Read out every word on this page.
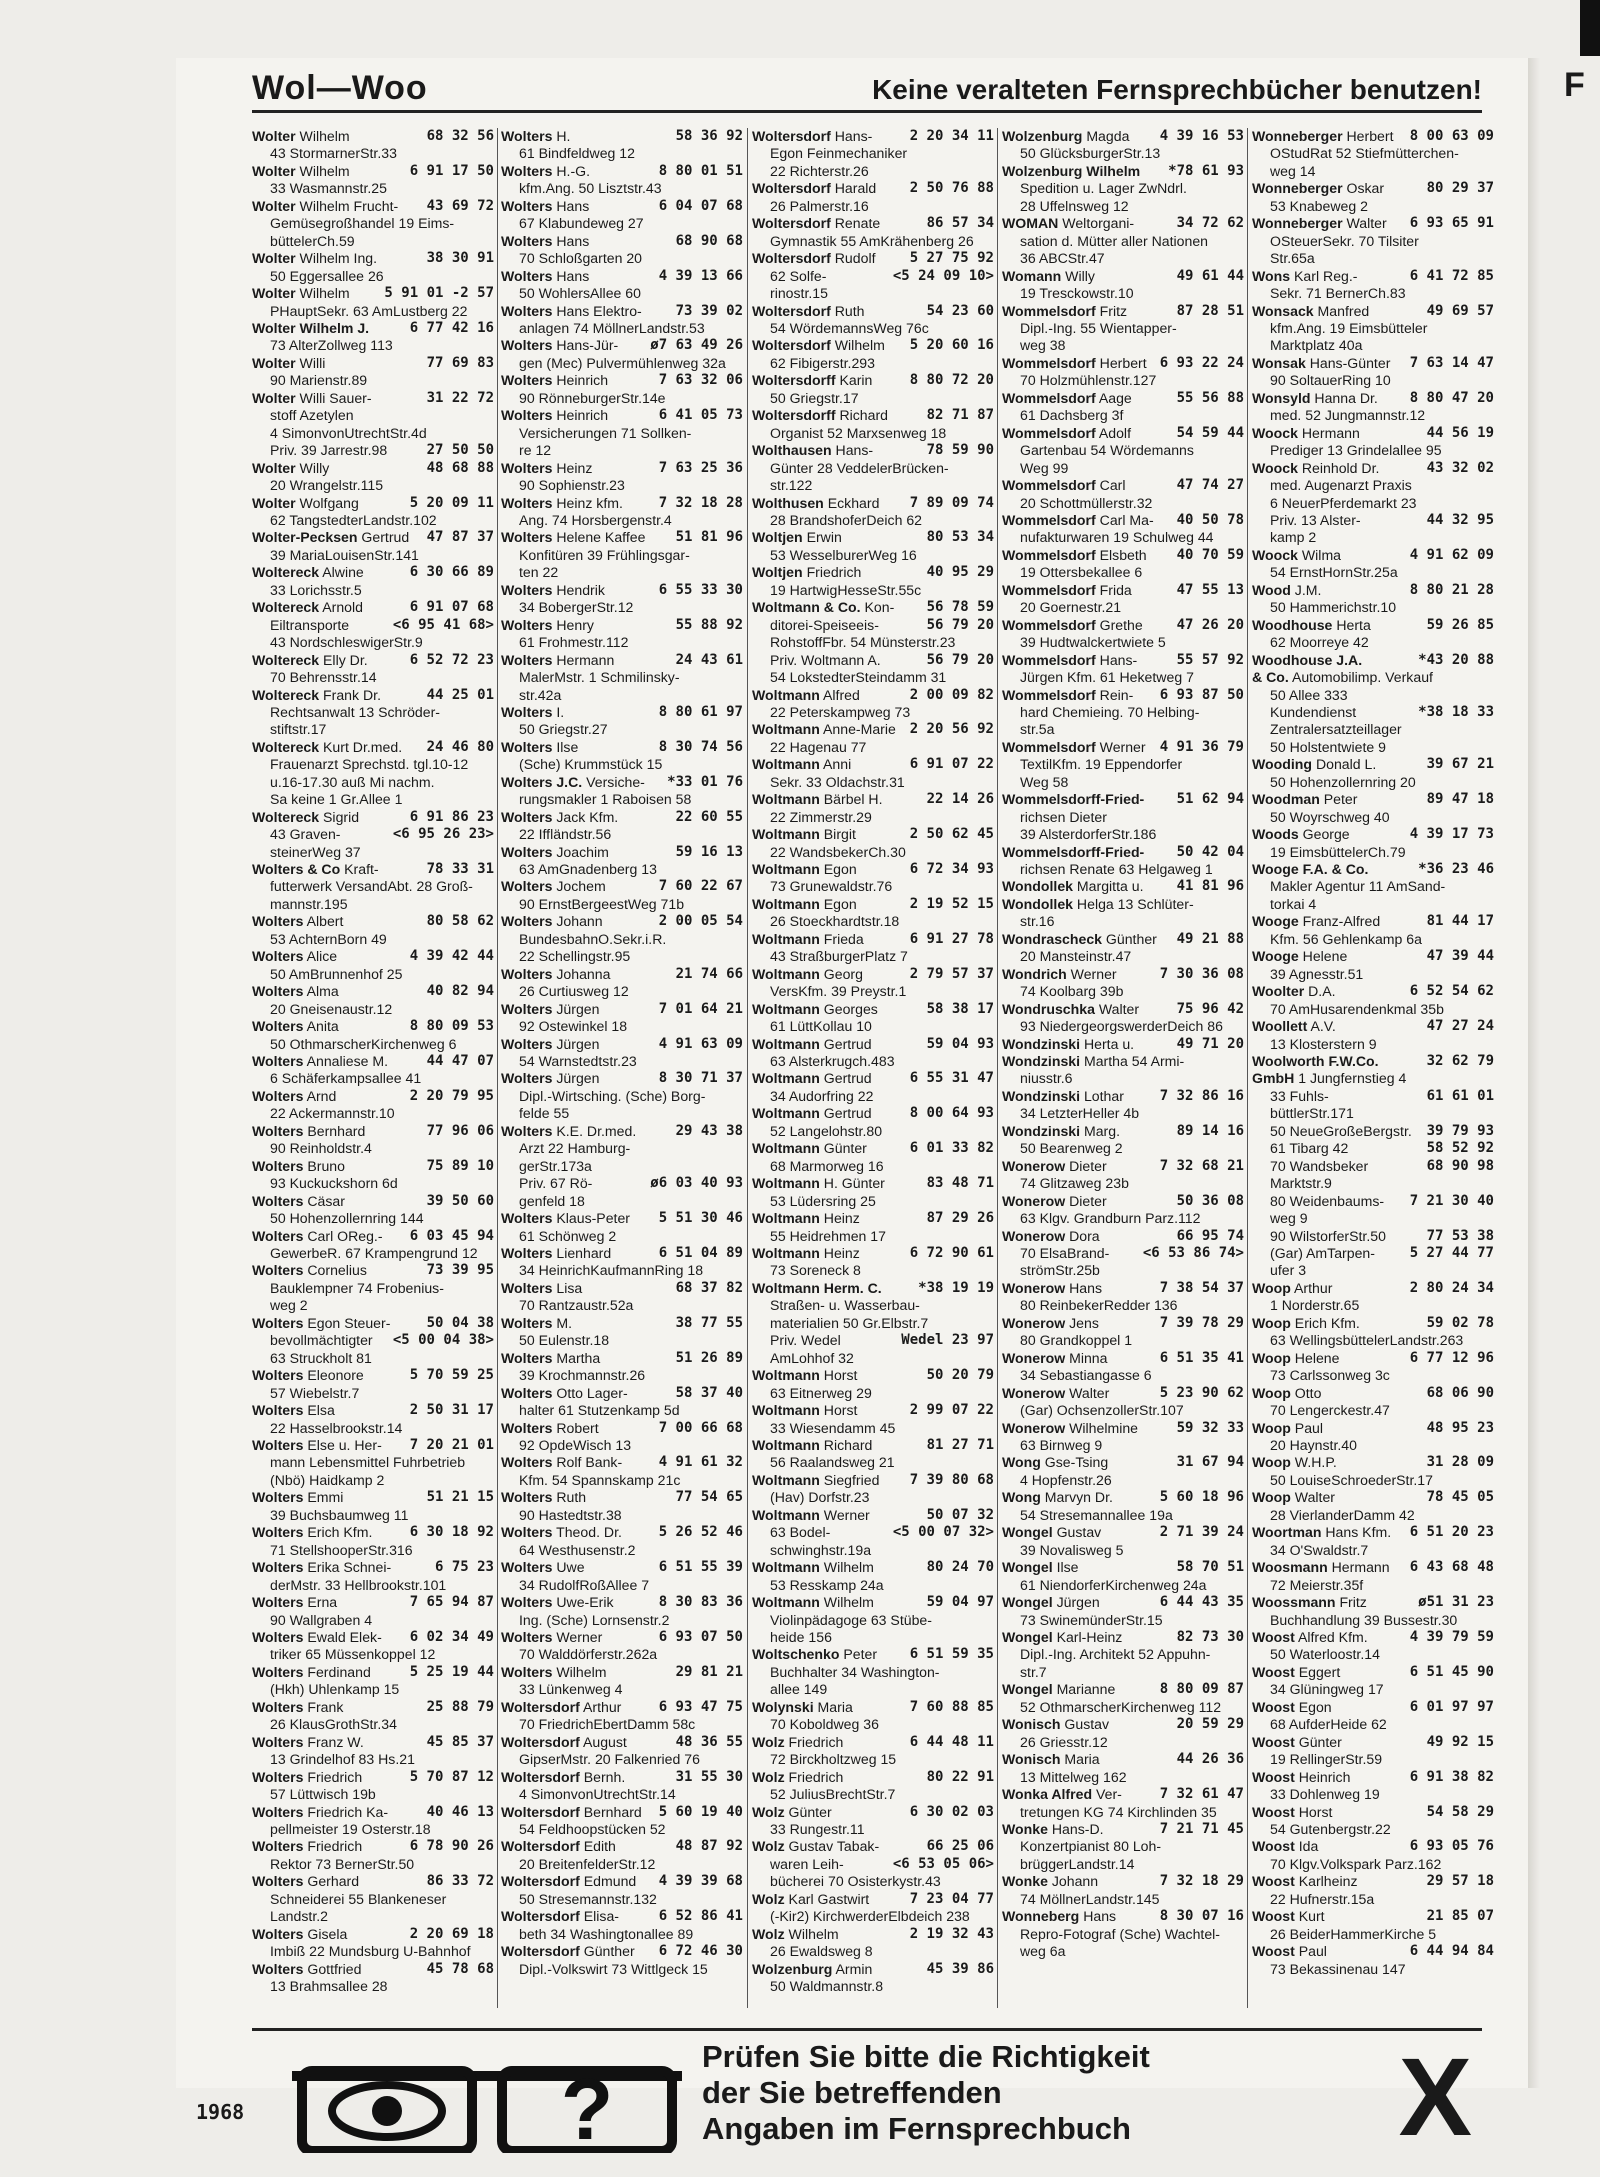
Wol—Woo	Keine veralteten Fernsprechbücher benutzen!
Wolter Wilhelm	68 32 56
43 StormarnerStr.33
Wolter Wilhelm	6 91 17 50
33 Wasmannstr.25
Wolter Wilhelm Frucht- 43 69 72
Gemüsegroßhandel 19 Eims-
büttelerCh.59
Wolter Wilhelm Ing.	38 30 91
50 Eggersallee 26
Wolter Wilhelm 5 91 01 -2 57
PHauptSekr. 63 AmLustberg 22
Wolter Wilhelm J.	6 77 42 16
73 AlterZollweg 113
Wolter Willi	77 69 83
90 Marienstr.89
Wolter Willi Sauer-	31 22 72
stoff Azetylen
4 SimonvonUtrechtStr.4d
Priv. 39 Jarrestr.98	27 50 50
Wolter Willy	48 68 88
20 Wrangelstr.115
Wolter Wolfgang	5 20 09 11
62 TangstedterLandstr.102
Wolter-Pecksen Gertrud 47 87 37
39 MariaLouisenStr.141
Woltereck Alwine	6 30 66 89
33 Lorichsstr.5
Woltereck Arnold	6 91 07 68
Eiltransporte	<6 95 41 68>
43 NordschleswigerStr.9
Woltereck Elly Dr.	6 52 72 23
70 Behrensstr.14
Woltereck Frank Dr.	44 25 01
Rechtsanwalt 13 Schröder-
stiftstr.17
Woltereck Kurt Dr.med. 24 46 80
Frauenarzt Sprechstd. tgl.10-12
u.16-17.30 auß Mi nachm.
Sa keine 1 Gr.Allee 1
Woltereck Sigrid	6 91 86 23
43 Graven-	<6 95 26 23>
steinerWeg 37
Wolters & Co Kraft-	78 33 31
futterwerk VersandAbt. 28 Groß-
mannstr.195
Wolters Albert	80 58 62
53 AchternBorn 49
Wolters Alice	4 39 42 44
50 AmBrunnenhof 25
Wolters Alma	40 82 94
20 Gneisenaustr.12
Wolters Anita	8 80 09 53
50 OthmarscherKirchenweg 6
Wolters Annaliese M.	44 47 07
6 Schäferkampsallee 41
Wolters Arnd	2 20 79 95
22 Ackermannstr.10
Wolters Bernhard	77 96 06
90 Reinholdstr.4
Wolters Bruno	75 89 10
93 Kuckuckshorn 6d
Wolters Cäsar	39 50 60
50 Hohenzollernring 144
Wolters Carl OReg.- 6 03 45 94
GewerbeR. 67 Krampengrund 12
Wolters Cornelius	73 39 95
Bauklempner 74 Frobenius-
weg 2
Wolters Egon Steuer-	50 04 38
bevollmächtigter <5 00 04 38>
63 Struckholt 81
Wolters Eleonore	5 70 59 25
57 Wiebelstr.7
Wolters Elsa	2 50 31 17
22 Hasselbrookstr.14
Wolters Else u. Her- 7 20 21 01
mann Lebensmittel Fuhrbetrieb
(Nbö) Haidkamp 2
Wolters Emmi	51 21 15
39 Buchsbaumweg 11
Wolters Erich Kfm.	6 30 18 92
71 StellshooperStr.316
Wolters Erika Schnei-	6 75 23
derMstr. 33 Hellbrookstr.101
Wolters Erna	7 65 94 87
90 Wallgraben 4
Wolters Ewald Elek- 6 02 34 49
triker 65 Müssenkoppel 12
Wolters Ferdinand	5 25 19 44
(Hkh) Uhlenkamp 15
Wolters Frank	25 88 79
26 KlausGrothStr.34
Wolters Franz W.	45 85 37
13 Grindelhof 83 Hs.21
Wolters Friedrich	5 70 87 12
57 Lüttwisch 19b
Wolters Friedrich Ka-	40 46 13
pellmeister 19 Osterstr.18
Wolters Friedrich	6 78 90 26
Rektor 73 BernerStr.50
Wolters Gerhard	86 33 72
Schneiderei 55 Blankeneser
Landstr.2
Wolters Gisela	2 20 69 18
Imbiß 22 Mundsburg U-Bahnhof
Wolters Gottfried	45 78 68
13 Brahmsallee 28
Wolters H.	58 36 92
61 Bindfeldweg 12
Wolters H.-G.	8 80 01 51
kfm.Ang. 50 Lisztstr.43
Wolters Hans	6 04 07 68
67 Klabundeweg 27
Wolters Hans	68 90 68
70 Schloßgarten 20
Wolters Hans	4 39 13 66
50 WohlersAllee 60
Wolters Hans Elektro- 73 39 02
anlagen 74 MöllnerLandstr.53
Wolters Hans-Jür- ø7 63 49 26
gen (Mec) Pulvermühlenweg 32a
Wolters Heinrich	7 63 32 06
90 RönneburgerStr.14e
Wolters Heinrich	6 41 05 73
Versicherungen 71 Sollken-
re 12
Wolters Heinz	7 63 25 36
90 Sophienstr.23
Wolters Heinz kfm.	7 32 18 28
Ang. 74 Horsbergenstr.4
Wolters Helene Kaffee 51 81 96
Konfitüren 39 Frühlingsgar-
ten 22
Wolters Hendrik	6 55 33 30
34 BobergerStr.12
Wolters Henry	55 88 92
61 Frohmestr.112
Wolters Hermann	24 43 61
MalerMstr. 1 Schmilinsky-
str.42a
Wolters I.	8 80 61 97
50 Griegstr.27
Wolters Ilse	8 30 74 56
(Sche) Krummstück 15
Wolters J.C. Versiche- *33 01 76
rungsmakler 1 Raboisen 58
Wolters Jack Kfm.	22 60 55
22 Iffländstr.56
Wolters Joachim	59 16 13
63 AmGnadenberg 13
Wolters Jochem	7 60 22 67
90 ErnstBergeestWeg 71b
Wolters Johann	2 00 05 54
BundesbahnO.Sekr.i.R.
22 Schellingstr.95
Wolters Johanna	21 74 66
26 Curtiusweg 12
Wolters Jürgen	7 01 64 21
92 Ostewinkel 18
Wolters Jürgen	4 91 63 09
54 Warnstedtstr.23
Wolters Jürgen	8 30 71 37
Dipl.-Wirtsching. (Sche) Borg-
felde 55
Wolters K.E. Dr.med.	29 43 38
Arzt 22 Hamburg-
gerStr.173a
Priv. 67 Rö-	ø6 03 40 93
genfeld 18
Wolters Klaus-Peter 5 51 30 46
61 Schönweg 2
Wolters Lienhard	6 51 04 89
34 HeinrichKaufmannRing 18
Wolters Lisa	68 37 82
70 Rantzaustr.52a
Wolters M.	38 77 55
50 Eulenstr.18
Wolters Martha	51 26 89
39 Krochmannstr.26
Wolters Otto Lager-	58 37 40
halter 61 Stutzenkamp 5d
Wolters Robert	7 00 66 68
92 OpdeWisch 13
Wolters Rolf Bank-	4 91 61 32
Kfm. 54 Spannskamp 21c
Wolters Ruth	77 54 65
90 Hastedtstr.38
Wolters Theod. Dr.	5 26 52 46
64 Westhusenstr.2
Wolters Uwe	6 51 55 39
34 RudolfRoßAllee 7
Wolters Uwe-Erik	8 30 83 36
Ing. (Sche) Lornsenstr.2
Wolters Werner	6 93 07 50
70 Walddörferstr.262a
Wolters Wilhelm	29 81 21
33 Lünkenweg 4
Woltersdorf Arthur	6 93 47 75
70 FriedrichEbertDamm 58c
Woltersdorf August	48 36 55
GipserMstr. 20 Falkenried 76
Woltersdorf Bernh.	31 55 30
4 SimonvonUtrechtStr.14
Woltersdorf Bernhard 5 60 19 40
54 Feldhoopstücken 52
Woltersdorf Edith	48 87 92
20 BreitenfelderStr.12
Woltersdorf Edmund 4 39 39 68
50 Stresemannstr.132
Woltersdorf Elisa-	6 52 86 41
beth 34 Washingtonallee 89
Woltersdorf Günther 6 72 46 30
Dipl.-Volkswirt 73 Wittlgeck 15
Woltersdorf Hans-	2 20 34 11
Egon Feinmechaniker
22 Richterstr.26
Woltersdorf Harald 2 50 76 88
26 Palmerstr.16
Woltersdorf Renate	86 57 34
Gymnastik 55 AmKrähenberg 26
Woltersdorf Rudolf 5 27 75 92
62 Solfe-	<5 24 09 10>
rinostr.15
Woltersdorf Ruth	54 23 60
54 WördemannsWeg 76c
Woltersdorf Wilhelm 5 20 60 16
62 Fibigerstr.293
Woltersdorff Karin	8 80 72 20
50 Griegstr.17
Woltersdorff Richard	82 71 87
Organist 52 Marxsenweg 18
Wolthausen Hans-	78 59 90
Günter 28 VeddelerBrücken-
str.122
Wolthusen Eckhard 7 89 09 74
28 BrandshoferDeich 62
Woltjen Erwin	80 53 34
53 WesselburerWeg 16
Woltjen Friedrich	40 95 29
19 HartwigHesseStr.55c
Woltmann & Co. Kon- 56 78 59
ditorei-Speiseeis-	56 79 20
RohstoffFbr. 54 Münsterstr.23
Priv. Woltmann A.	56 79 20
54 LokstedterSteindamm 31
Woltmann Alfred	2 00 09 82
22 Peterskampweg 73
Woltmann Anne-Marie 2 20 56 92
22 Hagenau 77
Woltmann Anni	6 91 07 22
Sekr. 33 Oldachstr.31
Woltmann Bärbel H.	22 14 26
22 Zimmerstr.29
Woltmann Birgit	2 50 62 45
22 WandsbekerCh.30
Woltmann Egon	6 72 34 93
73 Grunewaldstr.76
Woltmann Egon	2 19 52 15
26 Stoeckhardtstr.18
Woltmann Frieda	6 91 27 78
43 StraßburgerPlatz 7
Woltmann Georg	2 79 57 37
VersKfm. 39 Preystr.1
Woltmann Georges	58 38 17
61 LüttKollau 10
Woltmann Gertrud	59 04 93
63 Alsterkrugch.483
Woltmann Gertrud	6 55 31 47
34 Audorfring 22
Woltmann Gertrud	8 00 64 93
52 Langelohstr.80
Woltmann Günter	6 01 33 82
68 Marmorweg 16
Woltmann H. Günter	83 48 71
53 Lüdersring 25
Woltmann Heinz	87 29 26
55 Heidrehmen 17
Woltmann Heinz	6 72 90 61
73 Soreneck 8
Woltmann Herm. C.	*38 19 19
Straßen- u. Wasserbau-
materialien 50 Gr.Elbstr.7
Priv. Wedel	Wedel 23 97
AmLohhof 32
Woltmann Horst	50 20 79
63 Eitnerweg 29
Woltmann Horst	2 99 07 22
33 Wiesendamm 45
Woltmann Richard	81 27 71
56 Raalandsweg 21
Woltmann Siegfried 7 39 80 68
(Hav) Dorfstr.23
Woltmann Werner	50 07 32
63 Bodel-	<5 00 07 32>
schwinghstr.19a
Woltmann Wilhelm	80 24 70
53 Resskamp 24a
Woltmann Wilhelm	59 04 97
Violinpädagoge 63 Stübe-
heide 156
Woltschenko Peter 6 51 59 35
Buchhalter 34 Washington-
allee 149
Wolynski Maria	7 60 88 85
70 Koboldweg 36
Wolz Friedrich	6 44 48 11
72 Birckholtzweg 15
Wolz Friedrich	80 22 91
52 JuliusBrechtStr.7
Wolz Günter	6 30 02 03
33 Rungestr.11
Wolz Gustav Tabak-	66 25 06
waren Leih-	<6 53 05 06>
bücherei 70 Osisterkystr.43
Wolz Karl Gastwirt	7 23 04 77
(-Kir2) KirchwerderElbdeich 238
Wolz Wilhelm	2 19 32 43
26 Ewaldsweg 8
Wolzenburg Armin	45 39 86
50 Waldmannstr.8
Wolzenburg Magda 4 39 16 53
50 GlücksburgerStr.13
Wolzenburg Wilhelm *78 61 93
Spedition u. Lager ZwNdrl.
28 Uffelnsweg 12
WOMAN Weltorgani-	34 72 62
sation d. Mütter aller Nationen
36 ABCStr.47
Womann Willy	49 61 44
19 Tresckowstr.10
Wommelsdorf Fritz	87 28 51
Dipl.-Ing. 55 Wientapper-
weg 38
Wommelsdorf Herbert 6 93 22 24
70 Holzmühlenstr.127
Wommelsdorf Aage	55 56 88
61 Dachsberg 3f
Wommelsdorf Adolf	54 59 44
Gartenbau 54 Wördemanns
Weg 99
Wommelsdorf Carl	47 74 27
20 Schottmüllerstr.32
Wommelsdorf Carl Ma- 40 50 78
nufakturwaren 19 Schulweg 44
Wommelsdorf Elsbeth 40 70 59
19 Ottersbekallee 6
Wommelsdorf Frida	47 55 13
20 Goernestr.21
Wommelsdorf Grethe 47 26 20
39 Hudtwalckertwiete 5
Wommelsdorf Hans-	55 57 92
Jürgen Kfm. 61 Heketweg 7
Wommelsdorf Rein- 6 93 87 50
hard Chemieing. 70 Helbing-
str.5a
Wommelsdorf Werner 4 91 36 79
TextilKfm. 19 Eppendorfer
Weg 58
Wommelsdorff-Fried- 51 62 94
richsen Dieter
39 AlsterdorferStr.186
Wommelsdorff-Fried- 50 42 04
richsen Renate 63 Helgaweg 1
Wondollek Margitta u. 41 81 96
Wondollek Helga 13 Schlüter-
str.16
Wondrascheck Günther 49 21 88
20 Mansteinstr.47
Wondrich Werner	7 30 36 08
74 Koolbarg 39b
Wondruschka Walter	75 96 42
93 NiedergeorgswerderDeich 86
Wondzinski Herta u.	49 71 20
Wondzinski Martha 54 Armi-
niusstr.6
Wondzinski Lothar	7 32 86 16
34 LetzterHeller 4b
Wondzinski Marg.	89 14 16
50 Bearenweg 2
Wonerow Dieter	7 32 68 21
74 Glitzaweg 23b
Wonerow Dieter	50 36 08
63 Klgv. Grandburn Parz.112
Wonerow Dora	66 95 74
70 ElsaBrand- <6 53 86 74>
strömStr.25b
Wonerow Hans	7 38 54 37
80 ReinbekerRedder 136
Wonerow Jens	7 39 78 29
80 Grandkoppel 1
Wonerow Minna	6 51 35 41
34 Sebastiangasse 6
Wonerow Walter	5 23 90 62
(Gar) OchsenzollerStr.107
Wonerow Wilhelmine	59 32 33
63 Birnweg 9
Wong Gse-Tsing	31 67 94
4 Hopfenstr.26
Wong Marvyn Dr.	5 60 18 96
54 Stresemannallee 19a
Wongel Gustav	2 71 39 24
39 Novalisweg 5
Wongel Ilse	58 70 51
61 NiendorferKirchenweg 24a
Wongel Jürgen	6 44 43 35
73 SwinemünderStr.15
Wongel Karl-Heinz	82 73 30
Dipl.-Ing. Architekt 52 Appuhn-
str.7
Wongel Marianne	8 80 09 87
52 OthmarscherKirchenweg 112
Wonisch Gustav	20 59 29
26 Griesstr.12
Wonisch Maria	44 26 36
13 Mittelweg 162
Wonka Alfred Ver-	7 32 61 47
tretungen KG 74 Kirchlinden 35
Wonke Hans-D.	7 21 71 45
Konzertpianist 80 Loh-
brüggerLandstr.14
Wonke Johann	7 32 18 29
74 MöllnerLandstr.145
Wonneberg Hans	8 30 07 16
Repro-Fotograf (Sche) Wachtel-
weg 6a
Wonneberger Herbert 8 00 63 09
OStudRat 52 Stiefmütterchen-
weg 14
Wonneberger Oskar	80 29 37
53 Knabeweg 2
Wonneberger Walter 6 93 65 91
OSteuerSekr. 70 Tilsiter
Str.65a
Wons Karl Reg.-	6 41 72 85
Sekr. 71 BernerCh.83
Wonsack Manfred	49 69 57
kfm.Ang. 19 Eimsbütteler
Marktplatz 40a
Wonsak Hans-Günter 7 63 14 47
90 SoltauerRing 10
Wonsyld Hanna Dr. 8 80 47 20
med. 52 Jungmannstr.12
Woock Hermann	44 56 19
Prediger 13 Grindelallee 95
Woock Reinhold Dr.	43 32 02
med. Augenarzt Praxis
6 NeuerPferdemarkt 23
Priv. 13 Alster-	44 32 95
kamp 2
Woock Wilma	4 91 62 09
54 ErnstHornStr.25a
Wood J.M.	8 80 21 28
50 Hammerichstr.10
Woodhouse Herta	59 26 85
62 Moorreye 42
Woodhouse J.A.	*43 20 88
& Co. Automobilimp. Verkauf
50 Allee 333
Kundendienst	*38 18 33
Zentralersatzteillager
50 Holstentwiete 9
Wooding Donald L.	39 67 21
50 Hohenzollernring 20
Woodman Peter	89 47 18
50 Woyrschweg 40
Woods George	4 39 17 73
19 EimsbüttelerCh.79
Wooge F.A. & Co.	*36 23 46
Makler Agentur 11 AmSand-
torkai 4
Wooge Franz-Alfred	81 44 17
Kfm. 56 Gehlenkamp 6a
Wooge Helene	47 39 44
39 Agnesstr.51
Woolter D.A.	6 52 54 62
70 AmHusarendenkmal 35b
Woollett A.V.	47 27 24
13 Klosterstern 9
Woolworth F.W.Co.	32 62 79
GmbH 1 Jungfernstieg 4
33 Fuhls-	61 61 01
büttlerStr.171
50 NeueGroßeBergstr. 39 79 93
61 Tibarg 42	58 52 92
70 Wandsbeker	68 90 98
Marktstr.9
80 Weidenbaums- 7 21 30 40
weg 9
90 WilstorferStr.50	77 53 38
(Gar) AmTarpen- 5 27 44 77
ufer 3
Woop Arthur	2 80 24 34
1 Norderstr.65
Woop Erich Kfm.	59 02 78
63 WellingsbüttelerLandstr.263
Woop Helene	6 77 12 96
73 Carlssonweg 3c
Woop Otto	68 06 90
70 Lengerckestr.47
Woop Paul	48 95 23
20 Haynstr.40
Woop W.H.P.	31 28 09
50 LouiseSchroederStr.17
Woop Walter	78 45 05
28 VierlanderDamm 42
Woortman Hans Kfm. 6 51 20 23
34 O'Swaldstr.7
Woosmann Hermann 6 43 68 48
72 Meierstr.35f
Woossmann Fritz	ø51 31 23
Buchhandlung 39 Bussestr.30
Woost Alfred Kfm.	4 39 79 59
50 Waterloostr.14
Woost Eggert	6 51 45 90
34 Glüningweg 17
Woost Egon	6 01 97 97
68 AufderHeide 62
Woost Günter	49 92 15
19 RellingerStr.59
Woost Heinrich	6 91 38 82
33 Dohlenweg 19
Woost Horst	54 58 29
54 Gutenbergstr.22
Woost Ida	6 93 05 76
70 Klgv.Volkspark Parz.162
Woost Karlheinz	29 57 18
22 Hufnerstr.15a
Woost Kurt	21 85 07
26 BeiderHammerKirche 5
Woost Paul	6 44 94 84
73 Bekassinenau 147
?
Prüfen Sie bitte die Richtigkeit
der Sie betreffenden
Angaben im Fernsprechbuch X
1968
F
